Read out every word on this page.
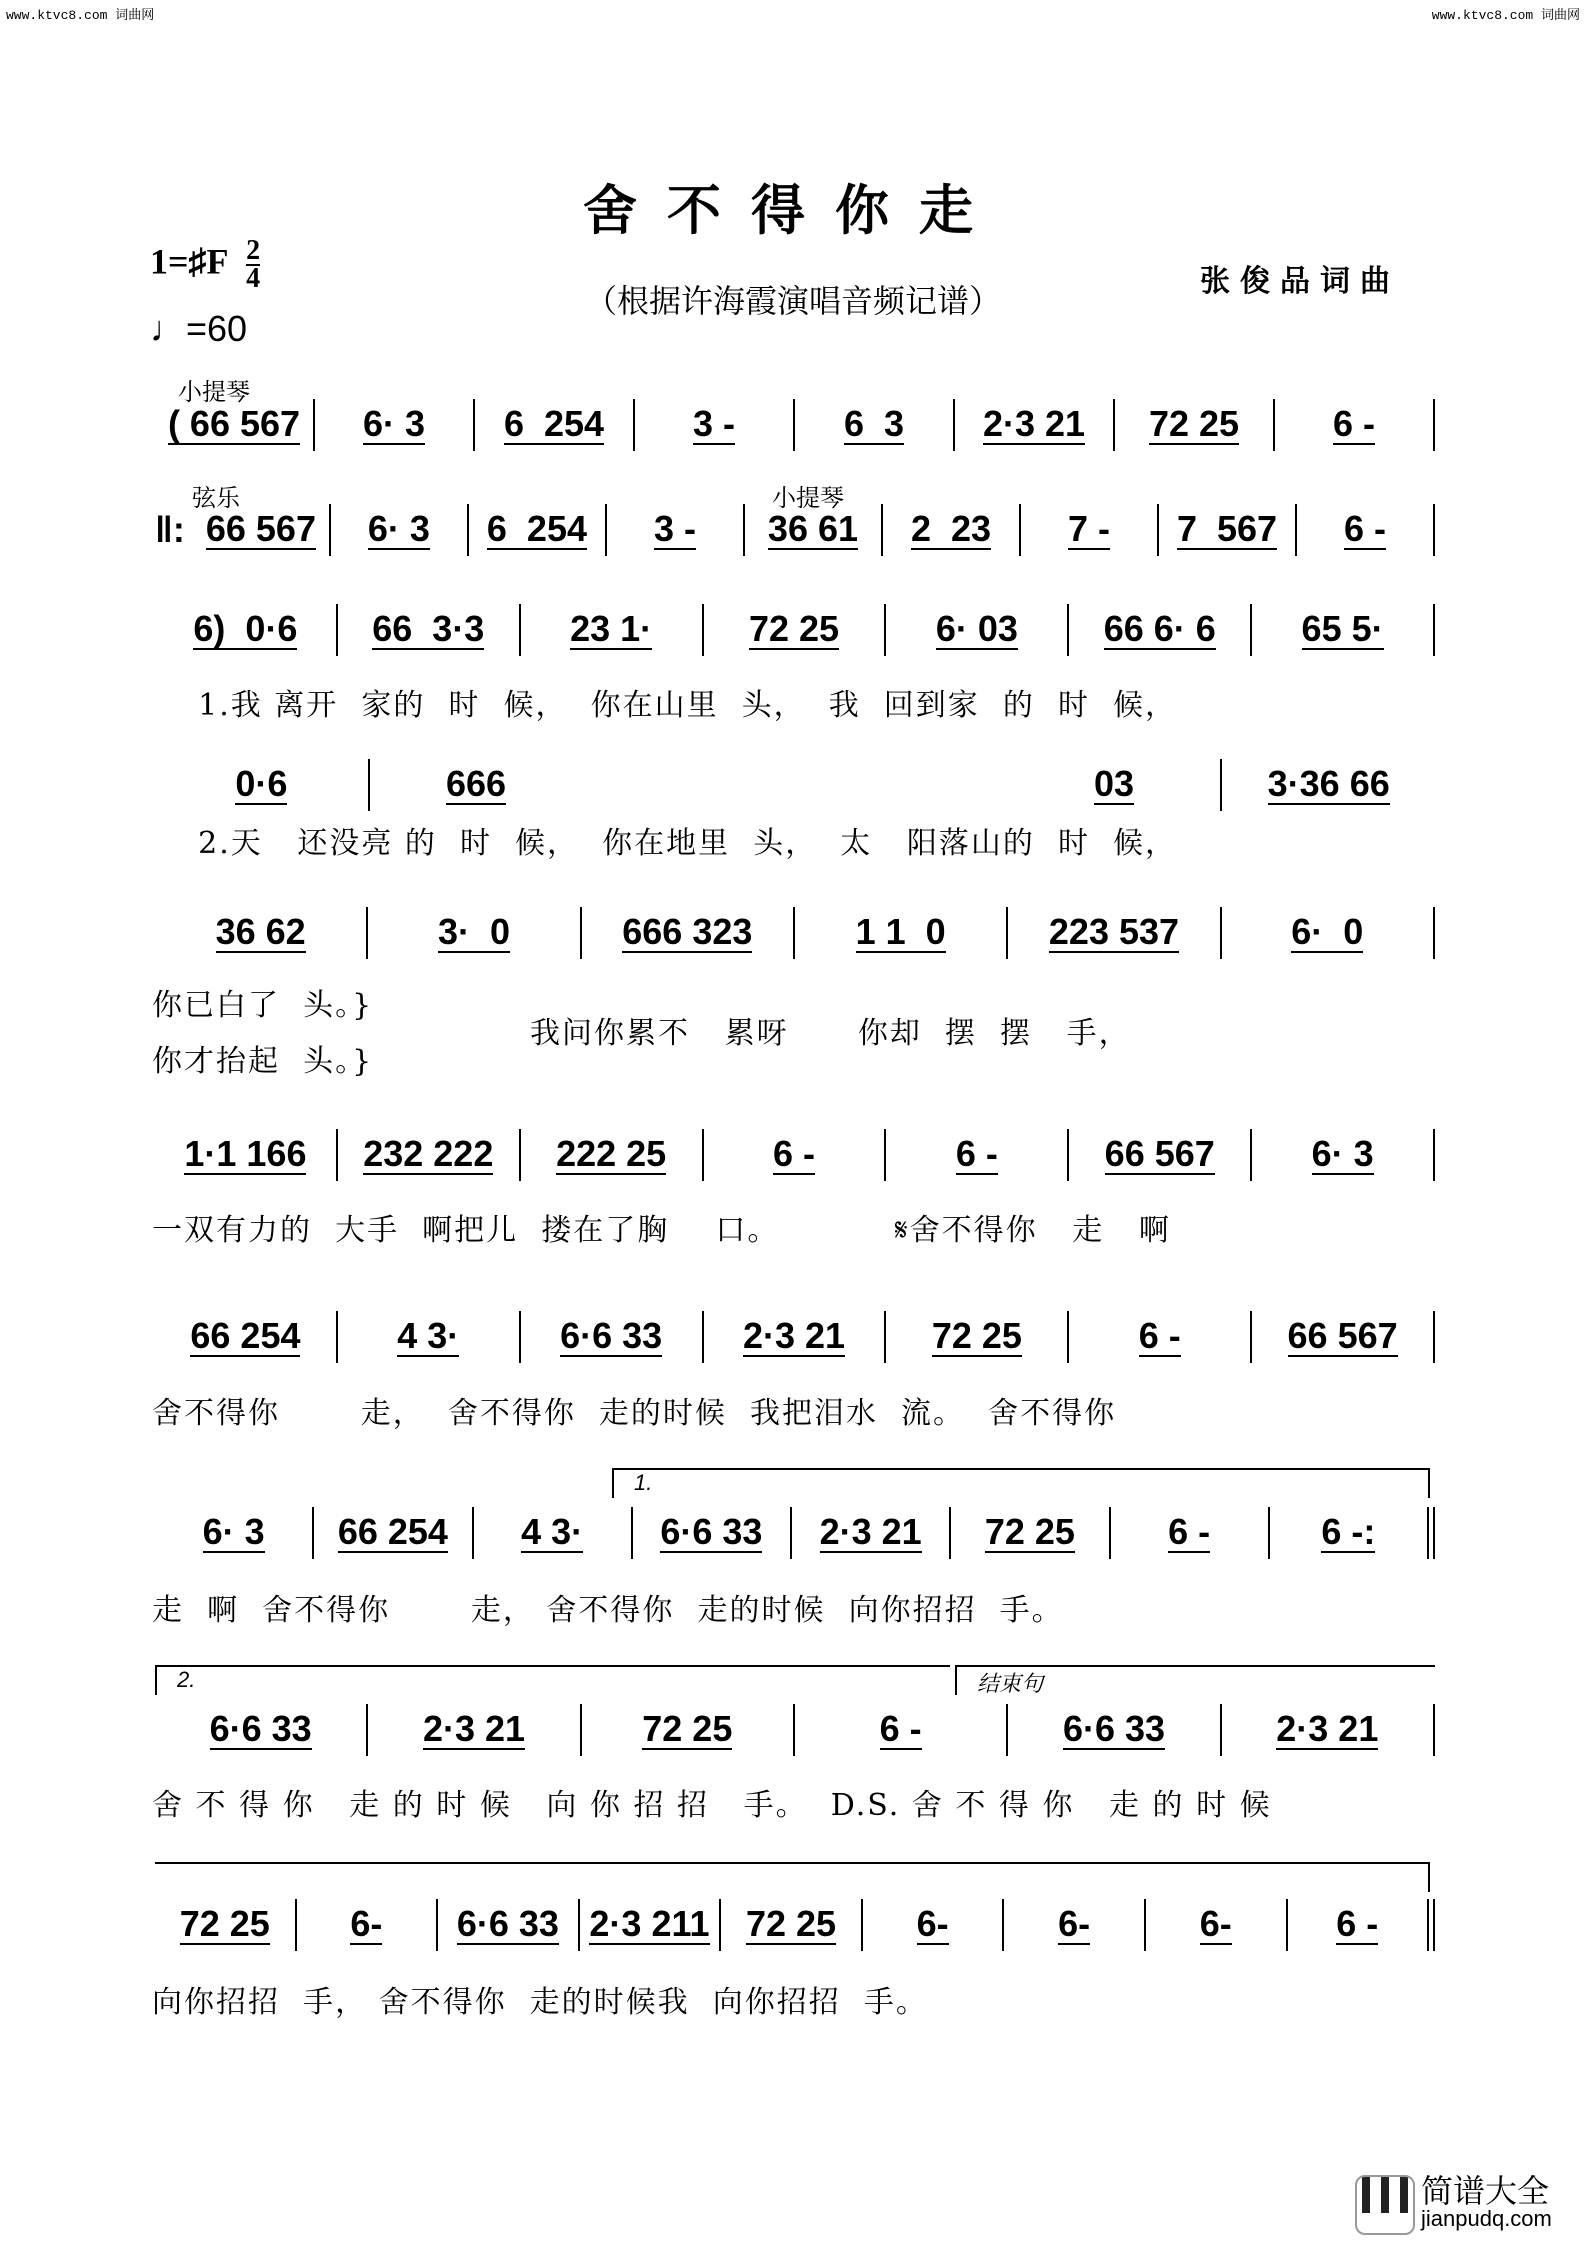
www.ktvc8.com 词曲网	www.ktvc8.com 词曲网
舍不得你走
1=♯F $\frac{2}{4}$
（根据许海霞演唱音频记谱）
张俊品词曲
♩=60
小提琴
弦乐	小提琴
1.
2.	结束句
( 66 567 6· 3 6  254 3 -	6  3 2·3 21 72 25	6 -
‖: 66 567 6· 3 6  254 3 - 36 61 2  23 7 - 7  567 6 -
6)  0·6 66  3·3 23 1·	72 25	6· 03 66 6· 6 65 5·
0·6	666	03	3·36 66
36 62	3·  0	666 323	1 1  0	223 537	6·  0
1·1 166 232 222 222 25	6 -	6 -	66 567	6· 3
66 254	4 3·	6·6 33 2·3 21 72 25	6 -	66 567
6· 3 66 254 4 3· 6·6 33 2·3 21 72 25	6 -	6 -:
6·6 33	2·3 21	72 25	6 -	6·6 33	2·3 21
72 25 6- 6·6 33 2·3 211 72 25 6-	6-	6-	6 -
1.我 离开  家的  时  候，  你在山里  头，  我  回到家  的  时  候，
2.天   还没亮 的  时  候，  你在地里  头，  太   阳落山的  时  候，
你已白了  头。}
你才抬起  头。}
我问你累不   累呀      你却  摆  摆   手，
一双有力的  大手  啊把儿  搂在了胸    口。          𝄋舍不得你   走   啊
舍不得你       走，  舍不得你  走的时候  我把泪水  流。  舍不得你
走  啊  舍不得你       走， 舍不得你  走的时候  向你招招  手。
舍 不 得 你   走 的 时 候   向 你 招 招   手。  D.S. 舍 不 得 你   走 的 时 候
向你招招  手， 舍不得你  走的时候我  向你招招  手。
简谱大全
jianpudq.com
